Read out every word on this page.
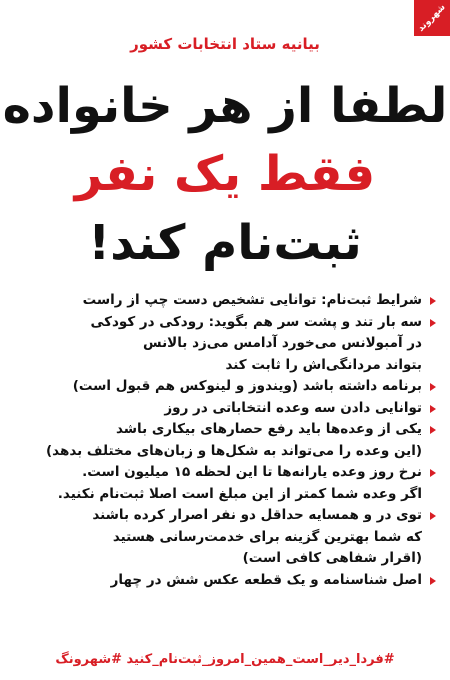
شهروند
بیانیه ستاد انتخابات کشور
لطفا از هر خانواده
فقط یک نفر
ثبت‌نام کند!
شرایط ثبت‌نام: توانایی تشخیص دست چپ از راست
سه بار تند و پشت سر هم بگوید: رودکی در کودکی
در آمبولانس می‌خورد آدامس می‌زد بالانس
بتواند مردانگی‌اش را ثابت کند
برنامه داشته باشد (ویندوز و لینوکس هم قبول است)
توانایی دادن سه وعده انتخاباتی در روز
یکی از وعده‌ها باید رفع حصارهای بیکاری باشد
(این وعده را می‌تواند به شکل‌ها و زبان‌های مختلف بدهد)
نرخ روز وعده یارانه‌ها تا این لحظه ۱۵ میلیون است.
اگر وعده شما کمتر از این مبلغ است اصلا ثبت‌نام نکنید.
توی در و همسایه حداقل دو نفر اصرار کرده باشند
که شما بهترین گزینه برای خدمت‌رسانی هستید
(اقرار شفاهی کافی است)
اصل شناسنامه و یک قطعه عکس شش در چهار
#فردا_دیر_است_همین_امروز_ثبت‌نام_کنید #شهرونگ
